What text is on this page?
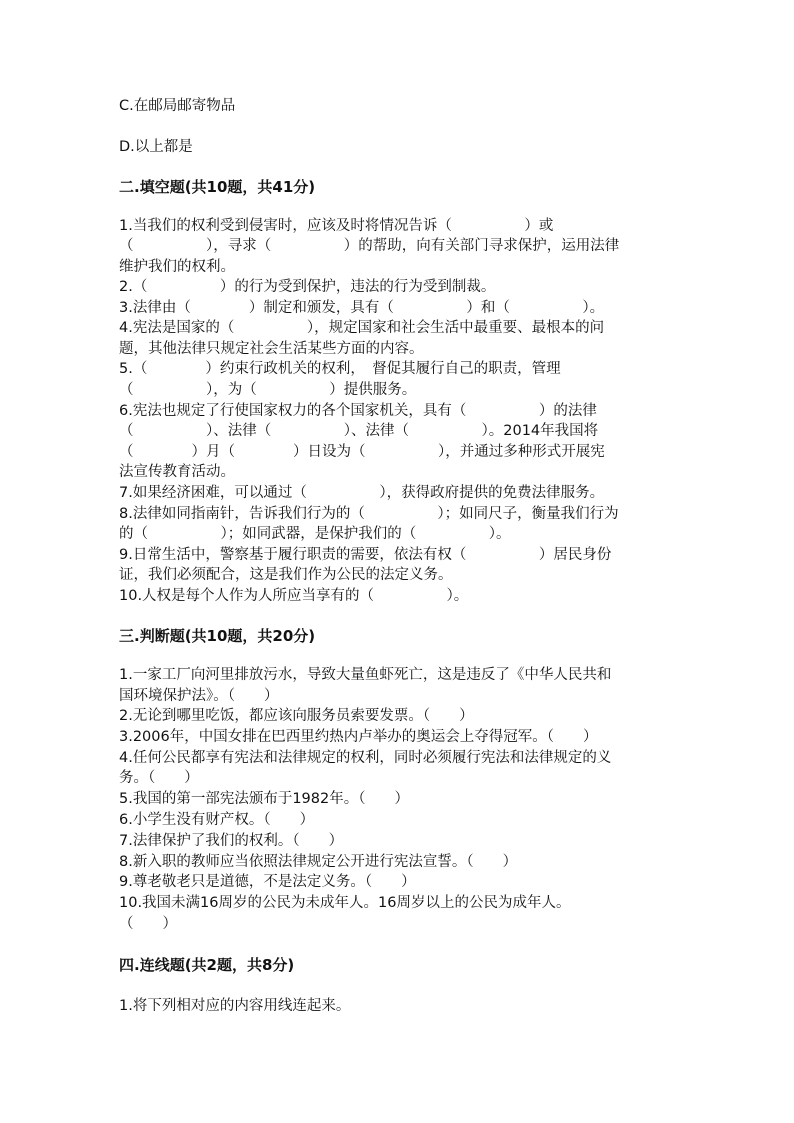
C.在邮局邮寄物品

D.以上都是

二.填空题(共10题，共41分)

1.当我们的权利受到侵害时，应该及时将情况告诉（　　　　　）或

（　　　　　），寻求（　　　　　）的帮助，向有关部门寻求保护，运用法律

维护我们的权利。

2.（　　　　　）的行为受到保护，违法的行为受到制裁。

3.法律由（　　　　）制定和颁发，具有（　　　　　）和（　　　　　）。

4.宪法是国家的（　　　　　），规定国家和社会生活中最重要、最根本的问

题，其他法律只规定社会生活某些方面的内容。

5.（　　　　）约束行政机关的权利，　督促其履行自己的职责，管理

（　　　　　），为（　　　　　）提供服务。

6.宪法也规定了行使国家权力的各个国家机关，具有（　　　　　）的法律

（　　　　　）、法律（　　　　　）、法律（　　　　　）。2014年我国将

（　　　　）月（　　　　）日设为（　　　　　），并通过多种形式开展宪

法宣传教育活动。

7.如果经济困难，可以通过（　　　　　），获得政府提供的免费法律服务。

8.法律如同指南针，告诉我们行为的（　　　　　）；如同尺子，衡量我们行为

的（　　　　　）；如同武器，是保护我们的（　　　　　）。

9.日常生活中，警察基于履行职责的需要，依法有权（　　　　　）居民身份

证，我们必须配合，这是我们作为公民的法定义务。

10.人权是每个人作为人所应当享有的（　　　　　）。

三.判断题(共10题，共20分)

1.一家工厂向河里排放污水，导致大量鱼虾死亡，这是违反了《中华人民共和

国环境保护法》。（　　）

2.无论到哪里吃饭，都应该向服务员索要发票。（　　）

3.2006年，中国女排在巴西里约热内卢举办的奥运会上夺得冠军。（　　）

4.任何公民都享有宪法和法律规定的权利，同时必须履行宪法和法律规定的义

务。（　　）

5.我国的第一部宪法颁布于1982年。（　　）

6.小学生没有财产权。（　　）

7.法律保护了我们的权利。（　　）

8.新入职的教师应当依照法律规定公开进行宪法宣誓。（　　）

9.尊老敬老只是道德，不是法定义务。（　　）

10.我国未满16周岁的公民为未成年人。16周岁以上的公民为成年人。

（　　）

四.连线题(共2题，共8分)

1.将下列相对应的内容用线连起来。
